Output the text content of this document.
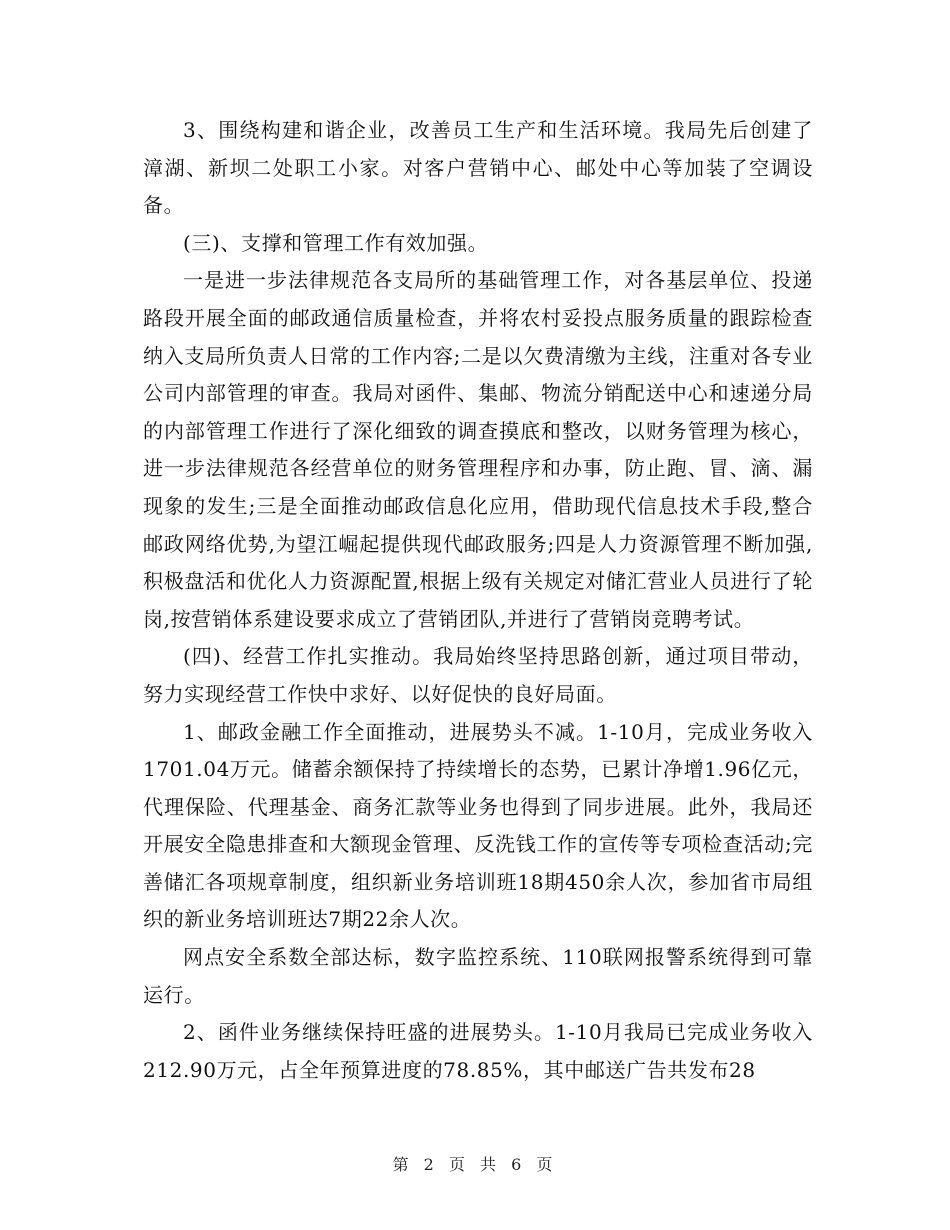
3、围绕构建和谐企业，改善员工生产和生活环境。我局先后创建了漳湖、新坝二处职工小家。对客户营销中心、邮处中心等加装了空调设备。

(三)、支撑和管理工作有效加强。

一是进一步法律规范各支局所的基础管理工作，对各基层单位、投递路段开展全面的邮政通信质量检查，并将农村妥投点服务质量的跟踪检查纳入支局所负责人日常的工作内容;二是以欠费清缴为主线，注重对各专业公司内部管理的审查。我局对函件、集邮、物流分销配送中心和速递分局的内部管理工作进行了深化细致的调查摸底和整改，以财务管理为核心，进一步法律规范各经营单位的财务管理程序和办事，防止跑、冒、滴、漏现象的发生;三是全面推动邮政信息化应用，借助现代信息技术手段,整合邮政网络优势,为望江崛起提供现代邮政服务;四是人力资源管理不断加强,积极盘活和优化人力资源配置,根据上级有关规定对储汇营业人员进行了轮岗,按营销体系建设要求成立了营销团队,并进行了营销岗竞聘考试。

(四)、经营工作扎实推动。我局始终坚持思路创新，通过项目带动，努力实现经营工作快中求好、以好促快的良好局面。

1、邮政金融工作全面推动，进展势头不减。1-10月，完成业务收入1701.04万元。储蓄余额保持了持续增长的态势，已累计净增1.96亿元，代理保险、代理基金、商务汇款等业务也得到了同步进展。此外，我局还开展安全隐患排查和大额现金管理、反洗钱工作的宣传等专项检查活动;完善储汇各项规章制度，组织新业务培训班18期450余人次，参加省市局组织的新业务培训班达7期22余人次。

网点安全系数全部达标，数字监控系统、110联网报警系统得到可靠运行。

2、函件业务继续保持旺盛的进展势头。1-10月我局已完成业务收入212.90万元，占全年预算进度的78.85%，其中邮送广告共发布28

第 2 页 共 6 页
